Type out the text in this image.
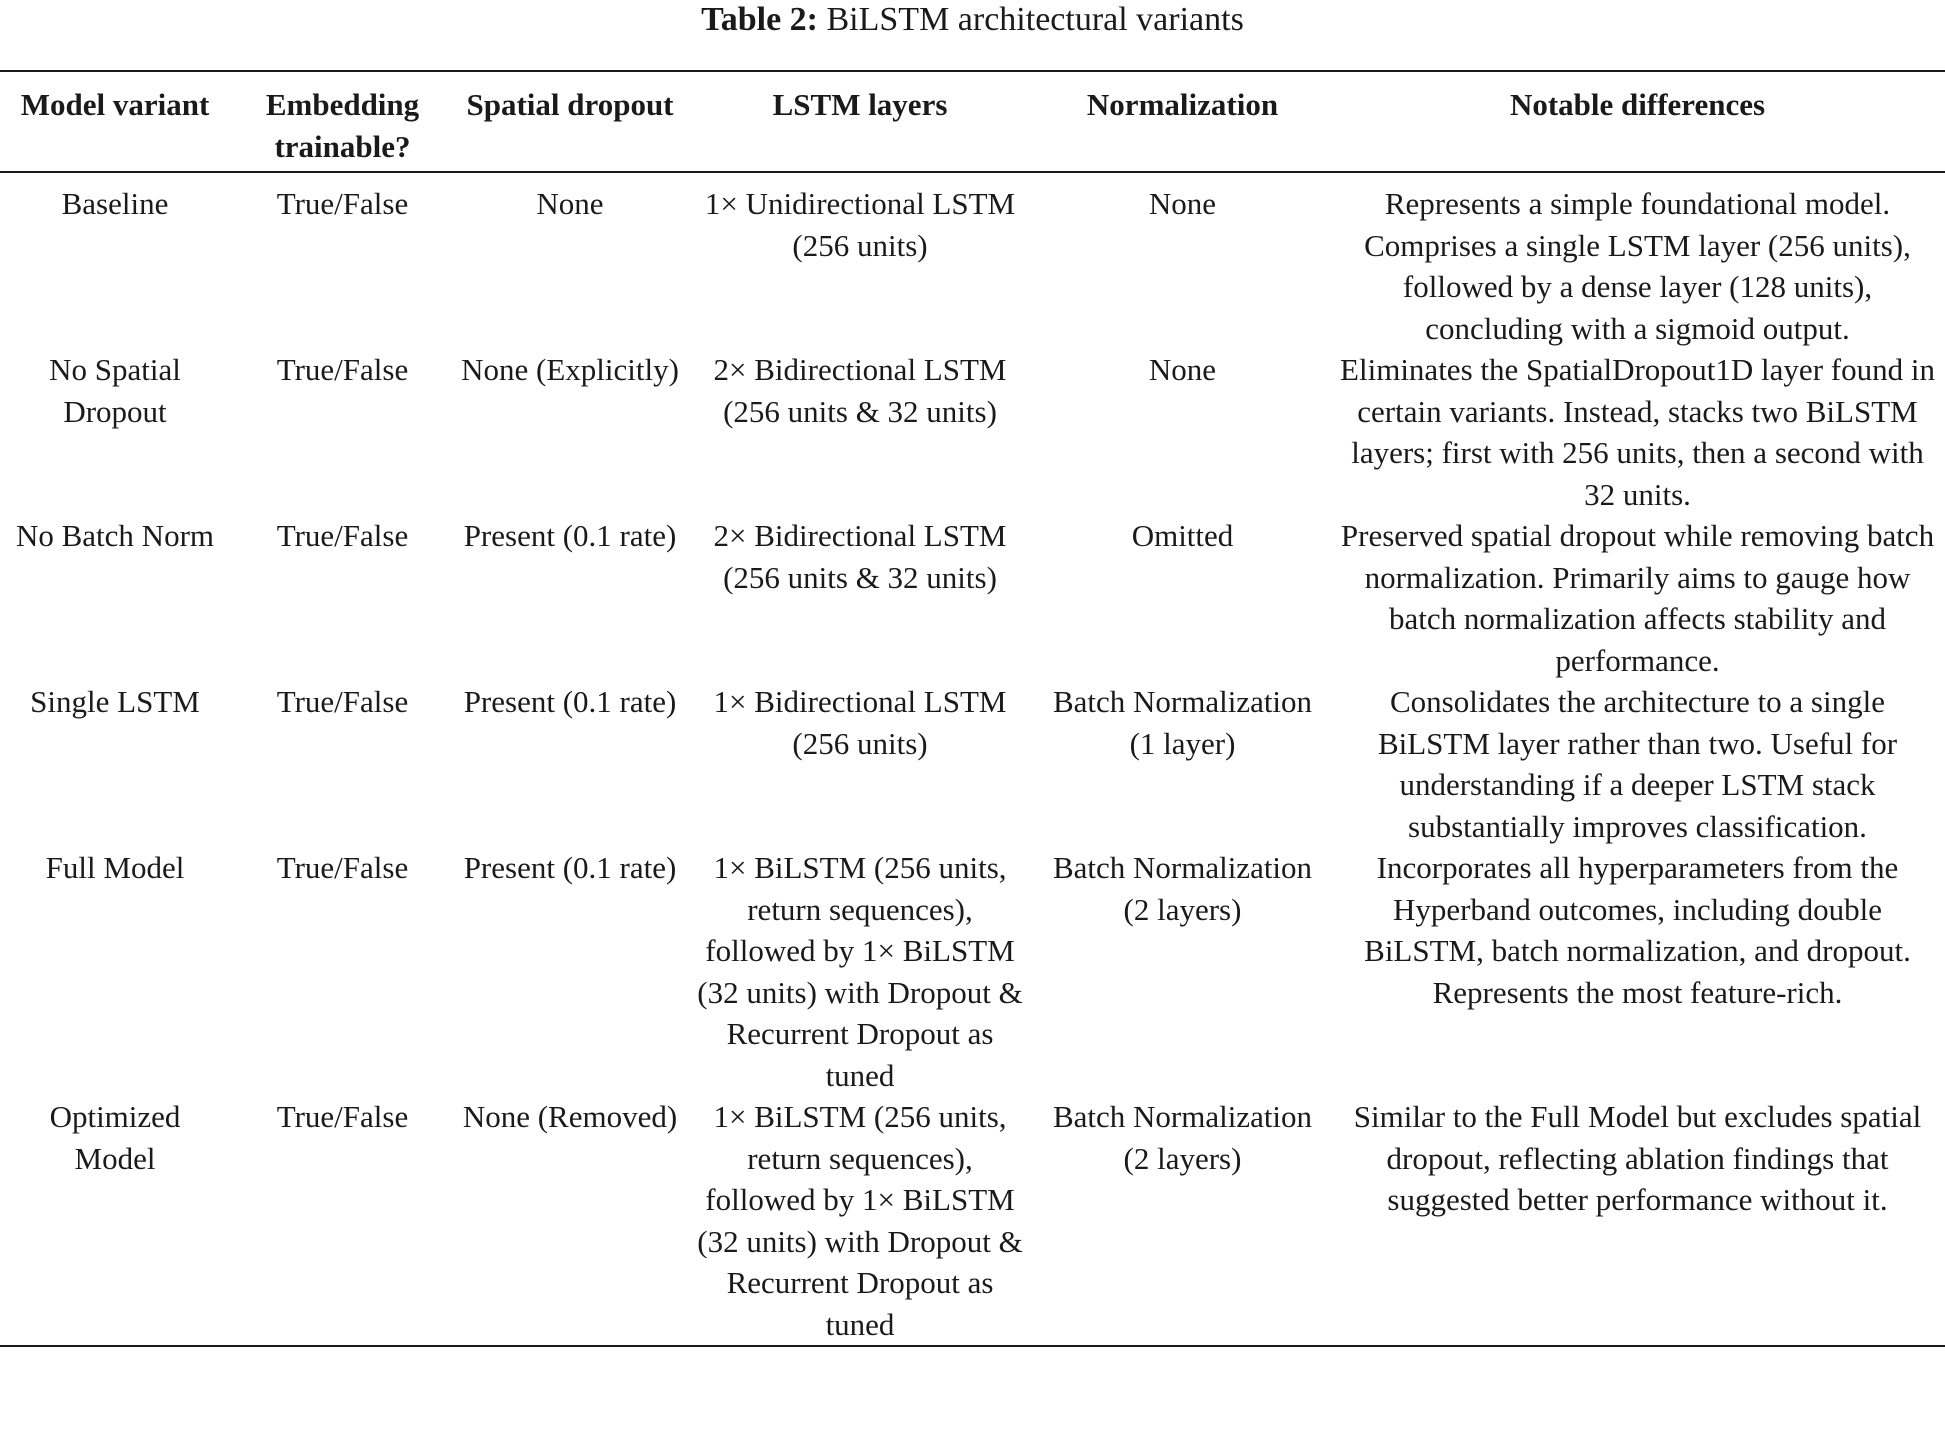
Table 2: BiLSTM architectural variants
Model variant	Embedding trainable?	Spatial dropout	LSTM layers	Normalization	Notable differences
Baseline	True/False	None	1× Unidirectional LSTM (256 units)	None	Represents a simple foundational model. Comprises a single LSTM layer (256 units), followed by a dense layer (128 units), concluding with a sigmoid output.
No Spatial Dropout	True/False	None (Explicitly)	2× Bidirectional LSTM (256 units & 32 units)	None	Eliminates the SpatialDropout1D layer found in certain variants. Instead, stacks two BiLSTM layers; first with 256 units, then a second with 32 units.
No Batch Norm	True/False	Present (0.1 rate)	2× Bidirectional LSTM (256 units & 32 units)	Omitted	Preserved spatial dropout while removing batch normalization. Primarily aims to gauge how batch normalization affects stability and performance.
Single LSTM	True/False	Present (0.1 rate)	1× Bidirectional LSTM (256 units)	Batch Normalization (1 layer)	Consolidates the architecture to a single BiLSTM layer rather than two. Useful for understanding if a deeper LSTM stack substantially improves classification.
Full Model	True/False	Present (0.1 rate)	1× BiLSTM (256 units, return sequences), followed by 1× BiLSTM (32 units) with Dropout & Recurrent Dropout as tuned	Batch Normalization (2 layers)	Incorporates all hyperparameters from the Hyperband outcomes, including double BiLSTM, batch normalization, and dropout. Represents the most feature-rich.
Optimized Model	True/False	None (Removed)	1× BiLSTM (256 units, return sequences), followed by 1× BiLSTM (32 units) with Dropout & Recurrent Dropout as tuned	Batch Normalization (2 layers)	Similar to the Full Model but excludes spatial dropout, reflecting ablation findings that suggested better performance without it.
